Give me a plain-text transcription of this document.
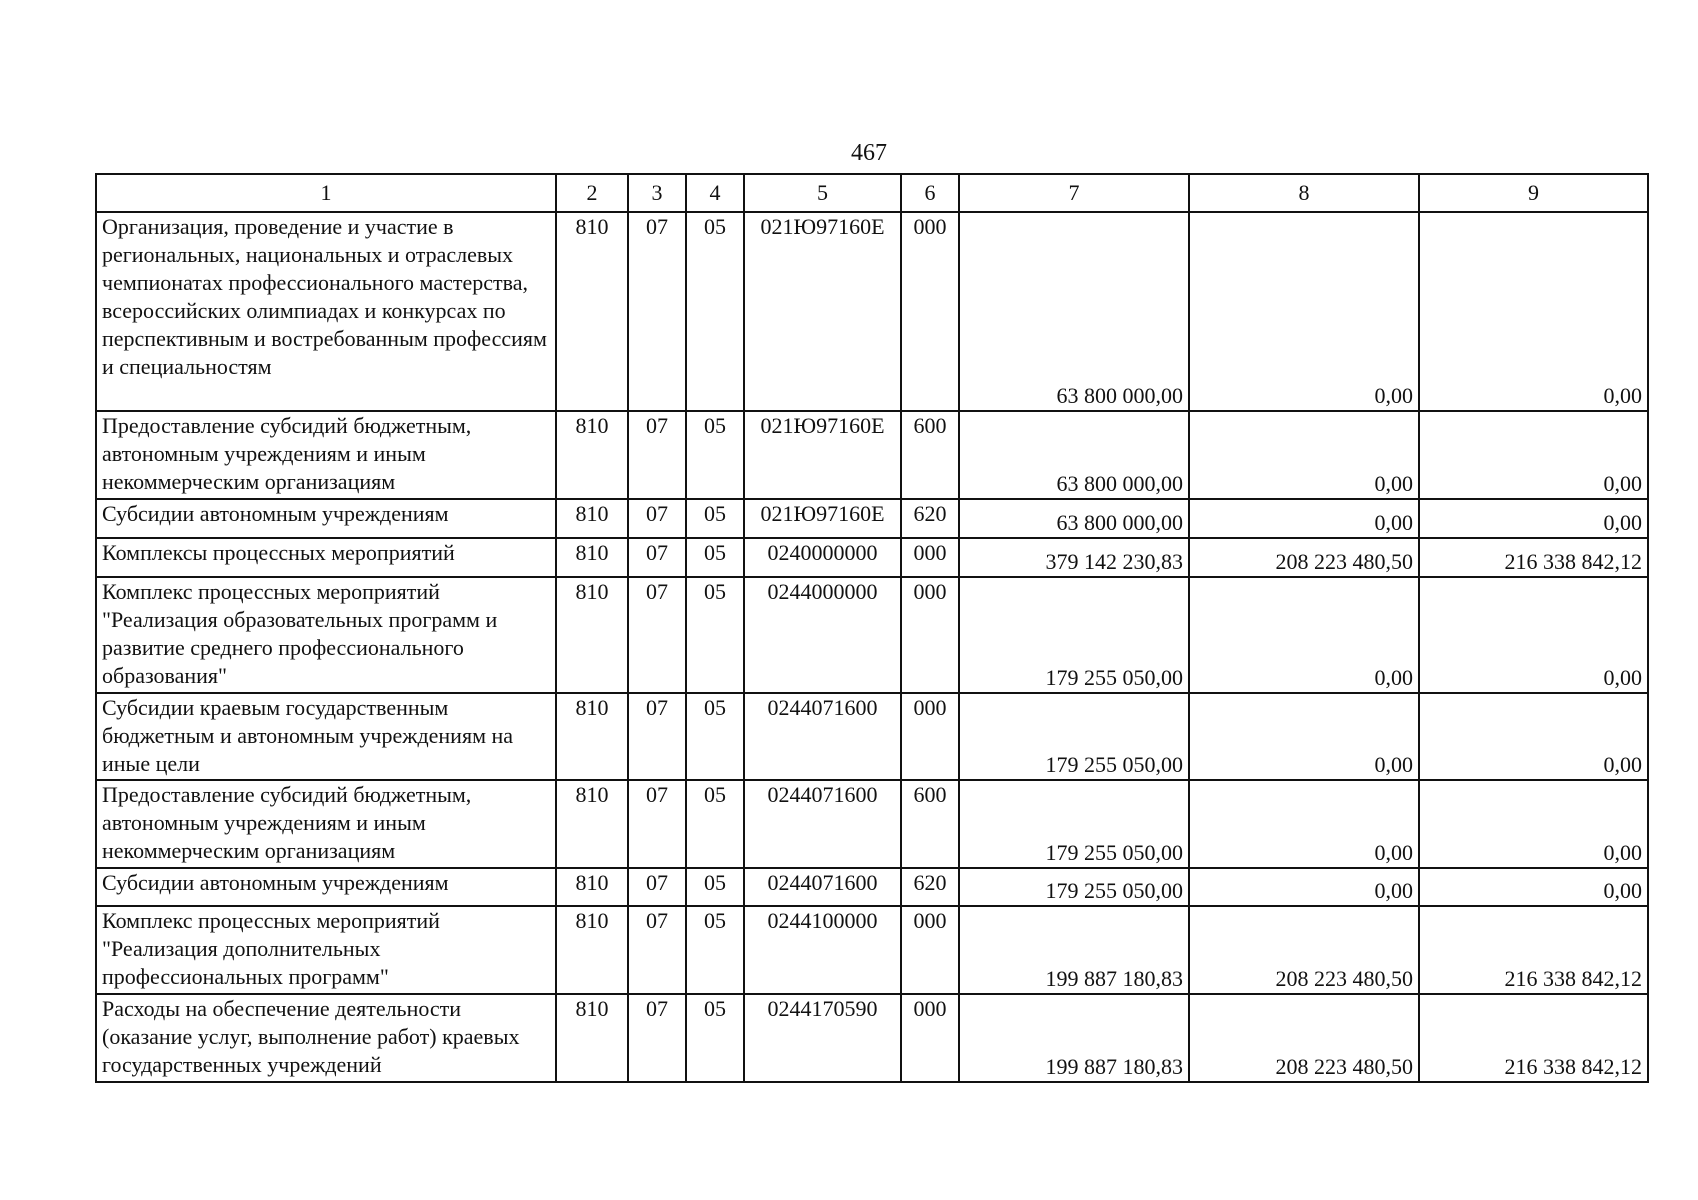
467
1	2	3	4	5	6	7	8	9
Организация, проведение и участие в региональных, национальных и отраслевых чемпионатах профессионального мастерства, всероссийских олимпиадах и конкурсах по перспективным и востребованным профессиям и специальностям	810	07	05	021Ю97160Е	000	63 800 000,00	0,00	0,00
Предоставление субсидий бюджетным, автономным учреждениям и иным некоммерческим организациям	810	07	05	021Ю97160Е	600	63 800 000,00	0,00	0,00
Субсидии автономным учреждениям	810	07	05	021Ю97160Е	620	63 800 000,00	0,00	0,00
Комплексы процессных мероприятий	810	07	05	0240000000	000	379 142 230,83	208 223 480,50	216 338 842,12
Комплекс процессных мероприятий "Реализация образовательных программ и развитие среднего профессионального образования"	810	07	05	0244000000	000	179 255 050,00	0,00	0,00
Субсидии краевым государственным бюджетным и автономным учреждениям на иные цели	810	07	05	0244071600	000	179 255 050,00	0,00	0,00
Предоставление субсидий бюджетным, автономным учреждениям и иным некоммерческим организациям	810	07	05	0244071600	600	179 255 050,00	0,00	0,00
Субсидии автономным учреждениям	810	07	05	0244071600	620	179 255 050,00	0,00	0,00
Комплекс процессных мероприятий "Реализация дополнительных профессиональных программ"	810	07	05	0244100000	000	199 887 180,83	208 223 480,50	216 338 842,12
Расходы на обеспечение деятельности (оказание услуг, выполнение работ) краевых государственных учреждений	810	07	05	0244170590	000	199 887 180,83	208 223 480,50	216 338 842,12
